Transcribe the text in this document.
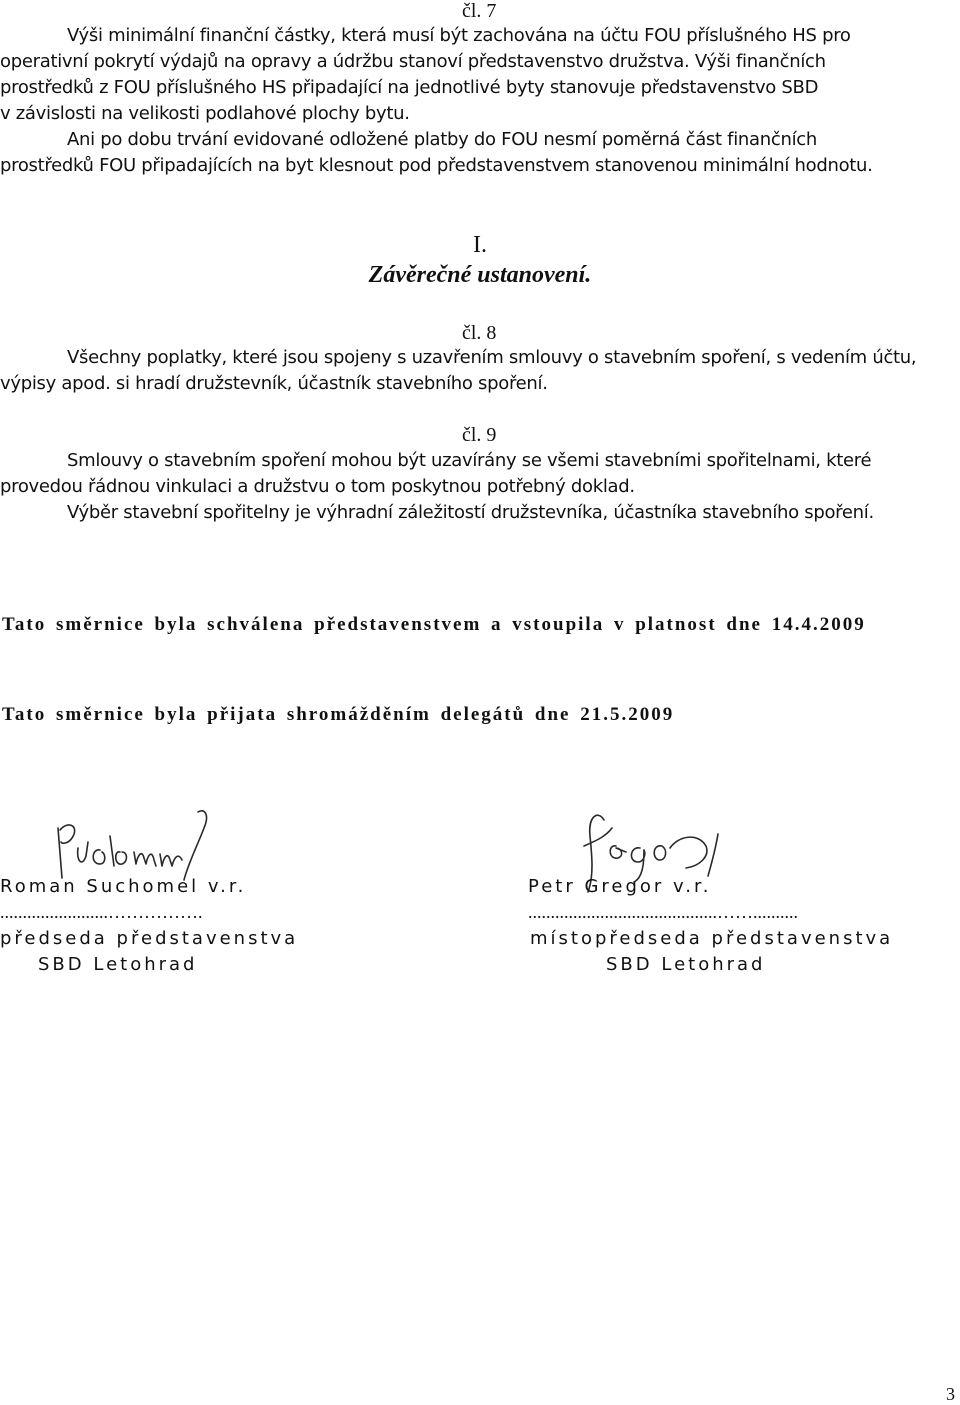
čl. 7
Výši minimální finanční částky, která musí být zachována na účtu FOU příslušného HS pro
operativní pokrytí výdajů na opravy a údržbu stanoví představenstvo družstva. Výši finančních
prostředků z FOU příslušného HS připadající na jednotlivé byty stanovuje představenstvo SBD
v závislosti na velikosti podlahové plochy bytu.
Ani po dobu trvání evidované odložené platby do FOU nesmí poměrná část finančních
prostředků FOU připadajících na byt klesnout pod představenstvem stanovenou minimální hodnotu.
I.
Závěrečné ustanovení.
čl. 8
Všechny poplatky, které jsou spojeny s uzavřením smlouvy o stavebním spoření, s vedením účtu,
výpisy apod. si hradí družstevník, účastník stavebního spoření.
čl. 9
Smlouvy o stavebním spoření mohou být uzavírány se všemi stavebními spořitelnami, které
provedou řádnou vinkulaci a družstvu o tom poskytnou potřebný doklad.
Výběr stavební spořitelny je výhradní záležitostí družstevníka, účastníka stavebního spoření.
Tato směrnice byla schválena představenstvem a vstoupila v platnost dne 14.4.2009
Tato směrnice byla přijata shromážděním delegátů dne 21.5.2009
Roman Suchomel v.r.
........................…………….
předseda představenstva
SBD Letohrad
Petr Gregor v.r.
..........................................……..........
místopředseda představenstva
SBD Letohrad
3
